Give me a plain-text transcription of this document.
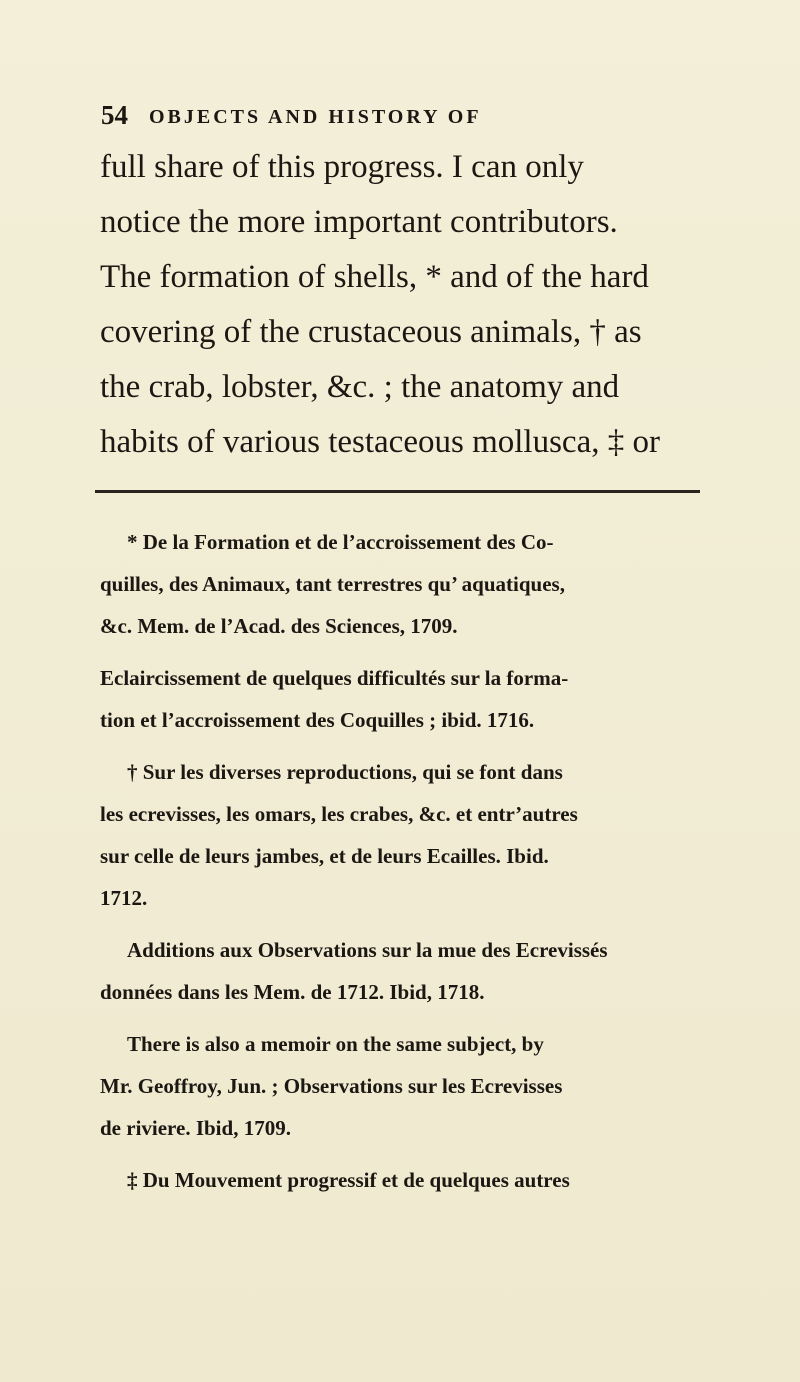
54 OBJECTS AND HISTORY OF
full share of this progress. I can only
notice the more important contributors.
The formation of shells, * and of the hard
covering of the crustaceous animals, † as
the crab, lobster, &c. ; the anatomy and
habits of various testaceous mollusca, ‡ or
* De la Formation et de l’accroissement des Co-
quilles, des Animaux, tant terrestres qu’ aquatiques,
&c. Mem. de l’Acad. des Sciences, 1709.
Eclaircissement de quelques difficultés sur la forma-
tion et l’accroissement des Coquilles ; ibid. 1716.
† Sur les diverses reproductions, qui se font dans
les ecrevisses, les omars, les crabes, &c. et entr’autres
sur celle de leurs jambes, et de leurs Ecailles. Ibid.
1712.
Additions aux Observations sur la mue des Ecrevissés
données dans les Mem. de 1712. Ibid, 1718.
There is also a memoir on the same subject, by
Mr. Geoffroy, Jun. ; Observations sur les Ecrevisses
de riviere. Ibid, 1709.
‡ Du Mouvement progressif et de quelques autres
